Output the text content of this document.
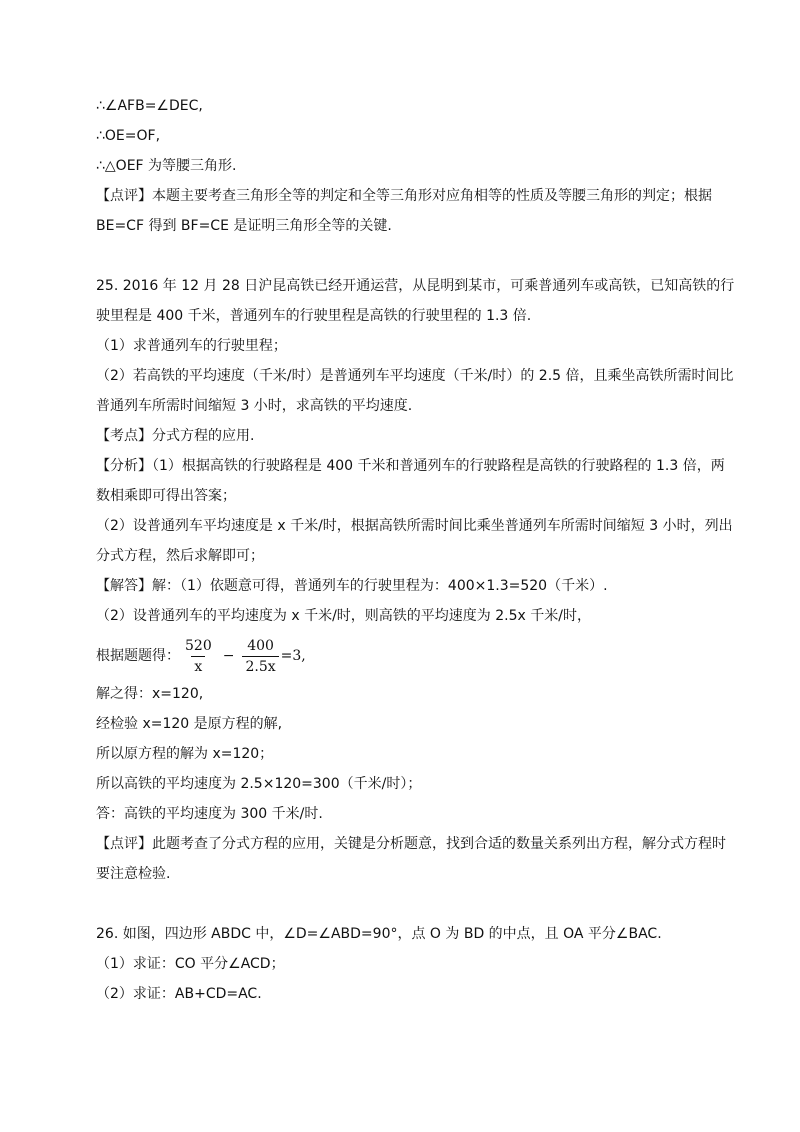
∴∠AFB=∠DEC,
∴OE=OF,
∴△OEF 为等腰三角形.
【点评】本题主要考查三角形全等的判定和全等三角形对应角相等的性质及等腰三角形的判定；根据
BE=CF 得到 BF=CE 是证明三角形全等的关键.
25. 2016 年 12 月 28 日沪昆高铁已经开通运营，从昆明到某市，可乘普通列车或高铁，已知高铁的行
驶里程是 400 千米，普通列车的行驶里程是高铁的行驶里程的 1.3 倍.
（1）求普通列车的行驶里程；
（2）若高铁的平均速度（千米/时）是普通列车平均速度（千米/时）的 2.5 倍，且乘坐高铁所需时间比
普通列车所需时间缩短 3 小时，求高铁的平均速度.
【考点】分式方程的应用.
【分析】（1）根据高铁的行驶路程是 400 千米和普通列车的行驶路程是高铁的行驶路程的 1.3 倍，两
数相乘即可得出答案；
（2）设普通列车平均速度是 x 千米/时，根据高铁所需时间比乘坐普通列车所需时间缩短 3 小时，列出
分式方程，然后求解即可；
【解答】解：（1）依题意可得，普通列车的行驶里程为：400×1.3=520（千米）.
（2）设普通列车的平均速度为 x 千米/时，则高铁的平均速度为 2.5x 千米/时，
根据题题得： $\frac{520}{x} - \frac{400}{2.5x} =3$,
解之得：x=120,
经检验 x=120 是原方程的解,
所以原方程的解为 x=120；
所以高铁的平均速度为 2.5×120=300（千米/时）；
答：高铁的平均速度为 300 千米/时.
【点评】此题考查了分式方程的应用，关键是分析题意，找到合适的数量关系列出方程，解分式方程时
要注意检验.
26. 如图，四边形 ABDC 中，∠D=∠ABD=90°，点 O 为 BD 的中点，且 OA 平分∠BAC.
（1）求证：CO 平分∠ACD；
（2）求证：AB+CD=AC.
